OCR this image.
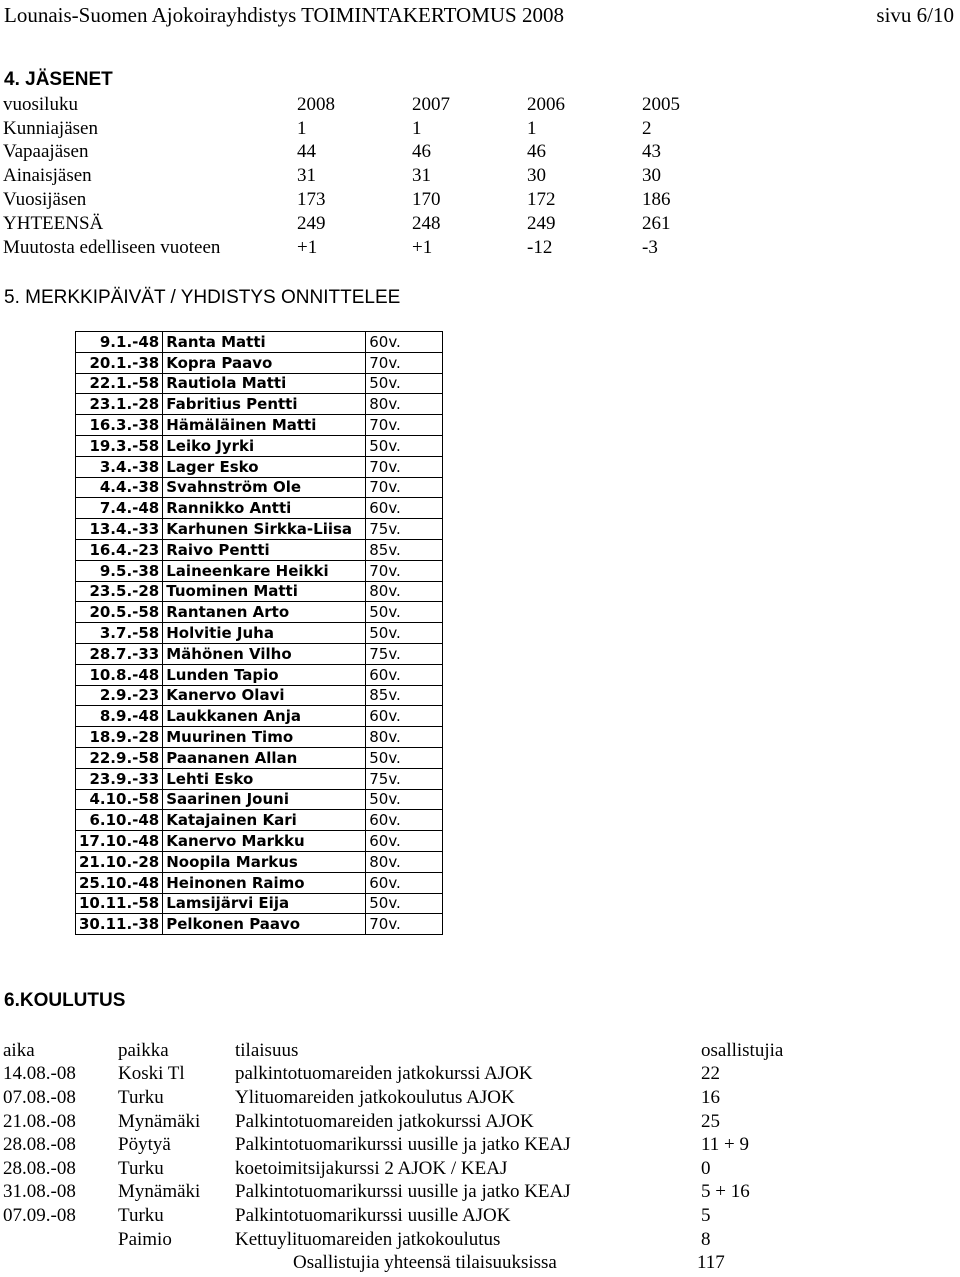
Lounais-Suomen Ajokoirayhdistys TOIMINTAKERTOMUS 2008	sivu 6/10
4. JÄSENET
vuosiluku	2008	2007	2006	2005
Kunniajäsen	1	1	1	2
Vapaajäsen	44	46	46	43
Ainaisjäsen	31	31	30	30
Vuosijäsen	173	170	172	186
YHTEENSÄ	249	248	249	261
Muutosta edelliseen vuoteen	+1	+1	-12	-3
5. MERKKIPÄIVÄT / YHDISTYS ONNITTELEE
9.1.-48	Ranta Matti	60v.
20.1.-38	Kopra Paavo	70v.
22.1.-58	Rautiola Matti	50v.
23.1.-28	Fabritius Pentti	80v.
16.3.-38	Hämäläinen Matti	70v.
19.3.-58	Leiko Jyrki	50v.
3.4.-38	Lager Esko	70v.
4.4.-38	Svahnström Ole	70v.
7.4.-48	Rannikko Antti	60v.
13.4.-33	Karhunen Sirkka-Liisa	75v.
16.4.-23	Raivo Pentti	85v.
9.5.-38	Laineenkare Heikki	70v.
23.5.-28	Tuominen Matti	80v.
20.5.-58	Rantanen Arto	50v.
3.7.-58	Holvitie Juha	50v.
28.7.-33	Mähönen Vilho	75v.
10.8.-48	Lunden Tapio	60v.
2.9.-23	Kanervo Olavi	85v.
8.9.-48	Laukkanen Anja	60v.
18.9.-28	Muurinen Timo	80v.
22.9.-58	Paananen Allan	50v.
23.9.-33	Lehti Esko	75v.
4.10.-58	Saarinen Jouni	50v.
6.10.-48	Katajainen Kari	60v.
17.10.-48	Kanervo Markku	60v.
21.10.-28	Noopila Markus	80v.
25.10.-48	Heinonen Raimo	60v.
10.11.-58	Lamsijärvi Eija	50v.
30.11.-38	Pelkonen Paavo	70v.
6.KOULUTUS
aika	paikka	tilaisuus	osallistujia
14.08.-08	Koski Tl	palkintotuomareiden jatkokurssi AJOK	22
07.08.-08	Turku	Ylituomareiden jatkokoulutus AJOK	16
21.08.-08	Mynämäki	Palkintotuomareiden jatkokurssi AJOK	25
28.08.-08	Pöytyä	Palkintotuomarikurssi uusille ja jatko KEAJ	11 + 9
28.08.-08	Turku	koetoimitsijakurssi 2 AJOK / KEAJ	0
31.08.-08	Mynämäki	Palkintotuomarikurssi uusille ja jatko KEAJ	5 + 16
07.09.-08	Turku	Palkintotuomarikurssi uusille AJOK	5
	Paimio	Kettuylituomareiden jatkokoulutus	8
Osallistujia yhteensä tilaisuuksissa	117
